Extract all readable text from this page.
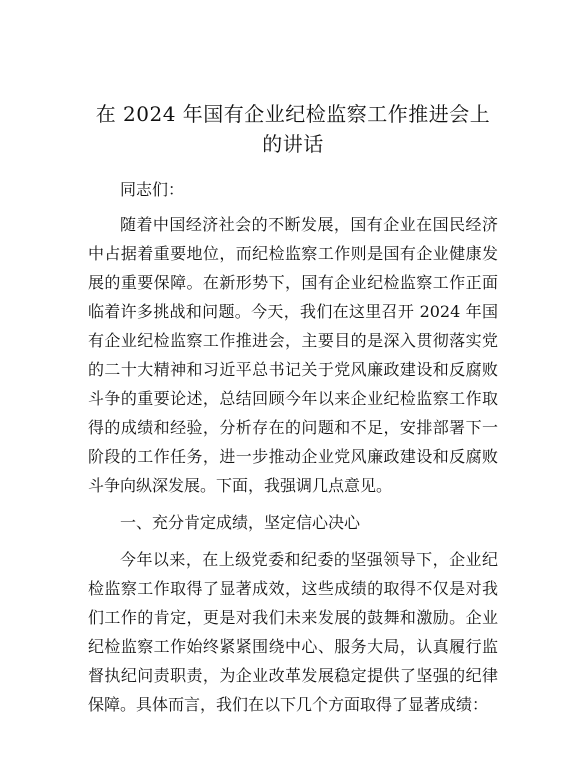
在 2024 年国有企业纪检监察工作推进会上的讲话

同志们：

随着中国经济社会的不断发展，国有企业在国民经济中占据着重要地位，而纪检监察工作则是国有企业健康发展的重要保障。在新形势下，国有企业纪检监察工作正面临着许多挑战和问题。今天，我们在这里召开 2024 年国有企业纪检监察工作推进会，主要目的是深入贯彻落实党的二十大精神和习近平总书记关于党风廉政建设和反腐败斗争的重要论述，总结回顾今年以来企业纪检监察工作取得的成绩和经验，分析存在的问题和不足，安排部署下一阶段的工作任务，进一步推动企业党风廉政建设和反腐败斗争向纵深发展。下面，我强调几点意见。

一、充分肯定成绩，坚定信心决心

今年以来，在上级党委和纪委的坚强领导下，企业纪检监察工作取得了显著成效，这些成绩的取得不仅是对我们工作的肯定，更是对我们未来发展的鼓舞和激励。企业纪检监察工作始终紧紧围绕中心、服务大局，认真履行监督执纪问责职责，为企业改革发展稳定提供了坚强的纪律保障。具体而言，我们在以下几个方面取得了显著成绩：
